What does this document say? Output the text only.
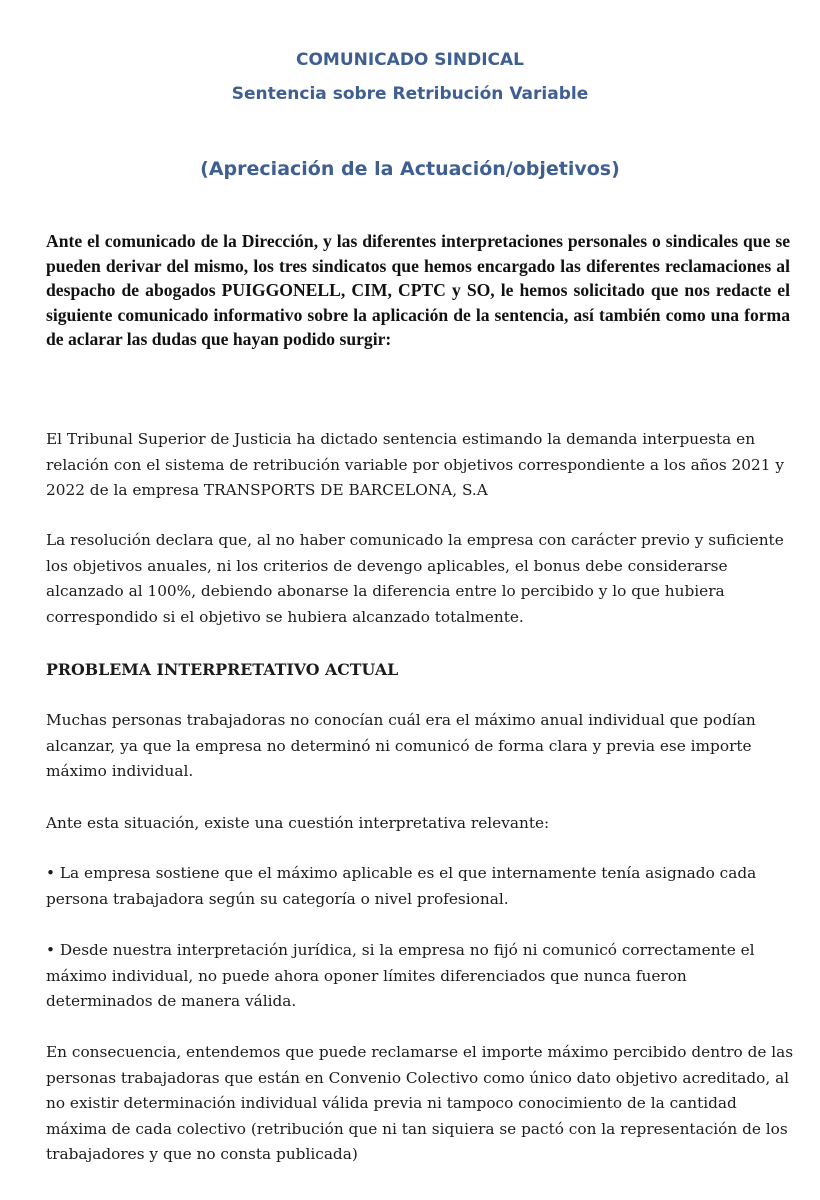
COMUNICADO SINDICAL
Sentencia sobre Retribución Variable
(Apreciación de la Actuación/objetivos)

Ante el comunicado de la Dirección, y las diferentes interpretaciones personales o sindicales que se pueden derivar del mismo, los tres sindicatos que hemos encargado las diferentes reclamaciones al despacho de abogados PUIGGONELL, CIM, CPTC y SO, le hemos solicitado que nos redacte el siguiente comunicado informativo sobre la aplicación de la sentencia, así también como una forma de aclarar las dudas que hayan podido surgir:

El Tribunal Superior de Justicia ha dictado sentencia estimando la demanda interpuesta en relación con el sistema de retribución variable por objetivos correspondiente a los años 2021 y 2022 de la empresa TRANSPORTS DE BARCELONA, S.A

La resolución declara que, al no haber comunicado la empresa con carácter previo y suficiente los objetivos anuales, ni los criterios de devengo aplicables, el bonus debe considerarse alcanzado al 100%, debiendo abonarse la diferencia entre lo percibido y lo que hubiera correspondido si el objetivo se hubiera alcanzado totalmente.

PROBLEMA INTERPRETATIVO ACTUAL

Muchas personas trabajadoras no conocían cuál era el máximo anual individual que podían alcanzar, ya que la empresa no determinó ni comunicó de forma clara y previa ese importe máximo individual.

Ante esta situación, existe una cuestión interpretativa relevante:

• La empresa sostiene que el máximo aplicable es el que internamente tenía asignado cada persona trabajadora según su categoría o nivel profesional.

• Desde nuestra interpretación jurídica, si la empresa no fijó ni comunicó correctamente el máximo individual, no puede ahora oponer límites diferenciados que nunca fueron determinados de manera válida.

En consecuencia, entendemos que puede reclamarse el importe máximo percibido dentro de las personas trabajadoras que están en Convenio Colectivo como único dato objetivo acreditado, al no existir determinación individual válida previa ni tampoco conocimiento de la cantidad máxima de cada colectivo (retribución que ni tan siquiera se pactó con la representación de los trabajadores y que no consta publicada)
